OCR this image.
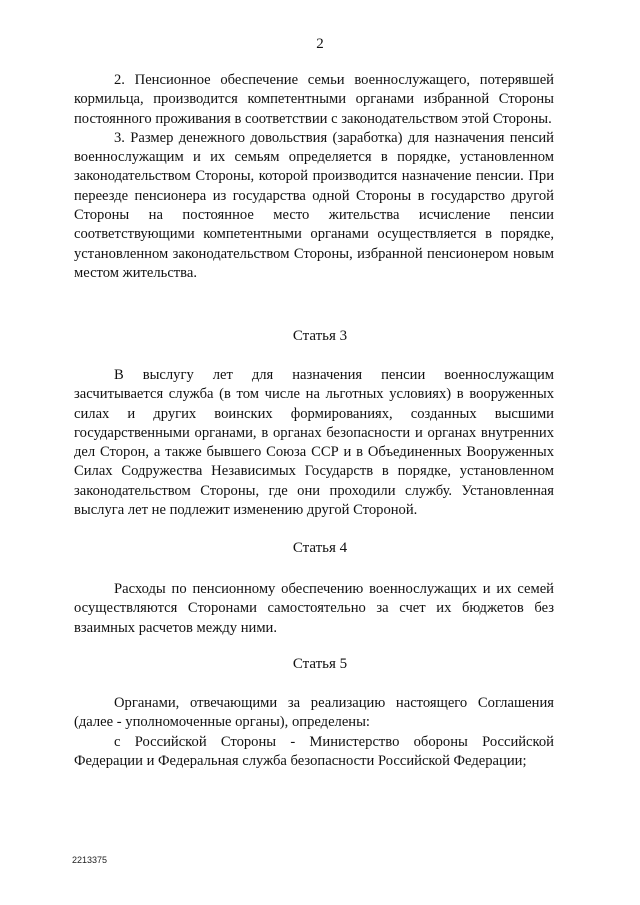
2

2. Пенсионное обеспечение семьи военнослужащего, потерявшей кормильца, производится компетентными органами избранной Стороны постоянного проживания в соответствии с законодательством этой Стороны.

3. Размер денежного довольствия (заработка) для назначения пенсий военнослужащим и их семьям определяется в порядке, установленном законодательством Стороны, которой производится назначение пенсии. При переезде пенсионера из государства одной Стороны в государство другой Стороны на постоянное место жительства исчисление пенсии соответствующими компетентными органами осуществляется в порядке, установленном законодательством Стороны, избранной пенсионером новым местом жительства.

Статья 3

В выслугу лет для назначения пенсии военнослужащим засчитывается служба (в том числе на льготных условиях) в вооруженных силах и других воинских формированиях, созданных высшими государственными органами, в органах безопасности и органах внутренних дел Сторон, а также бывшего Союза ССР и в Объединенных Вооруженных Силах Содружества Независимых Государств в порядке, установленном законодательством Стороны, где они проходили службу. Установленная выслуга лет не подлежит изменению другой Стороной.

Статья 4

Расходы по пенсионному обеспечению военнослужащих и их семей осуществляются Сторонами самостоятельно за счет их бюджетов без взаимных расчетов между ними.

Статья 5

Органами, отвечающими за реализацию настоящего Соглашения (далее - уполномоченные органы), определены:

с Российской Стороны - Министерство обороны Российской Федерации и Федеральная служба безопасности Российской Федерации;

2213375
